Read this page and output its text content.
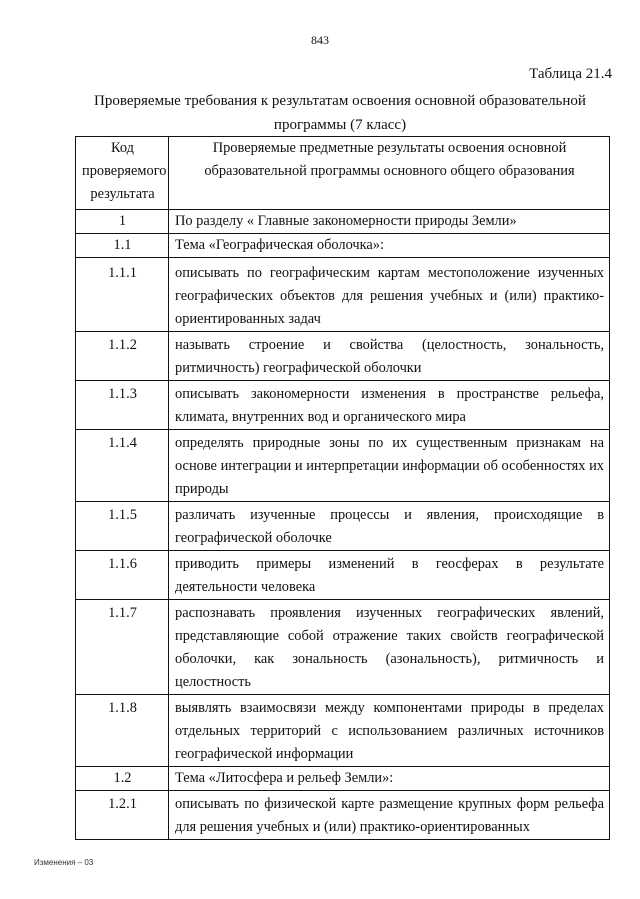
843
Таблица 21.4
Проверяемые требования к результатам освоения основной образовательной программы (7 класс)
Код проверяемого результата	Проверяемые предметные результаты освоения основной образовательной программы основного общего образования
1	По разделу « Главные закономерности природы Земли»
1.1	Тема «Географическая оболочка»:
1.1.1	описывать по географическим картам местоположение изученных географических объектов для решения учебных и (или) практико-ориентированных задач
1.1.2	называть строение и свойства (целостность, зональность, ритмичность) географической оболочки
1.1.3	описывать закономерности изменения в пространстве рельефа, климата, внутренних вод и органического мира
1.1.4	определять природные зоны по их существенным признакам на основе интеграции и интерпретации информации об особенностях их природы
1.1.5	различать изученные процессы и явления, происходящие в географической оболочке
1.1.6	приводить примеры изменений в геосферах в результате деятельности человека
1.1.7	распознавать проявления изученных географических явлений, представляющие собой отражение таких свойств географической оболочки, как зональность (азональность), ритмичность и целостность
1.1.8	выявлять взаимосвязи между компонентами природы в пределах отдельных территорий с использованием различных источников географической информации
1.2	Тема «Литосфера и рельеф Земли»:
1.2.1	описывать по физической карте размещение крупных форм рельефа для решения учебных и (или) практико-ориентированных
Изменения – 03
